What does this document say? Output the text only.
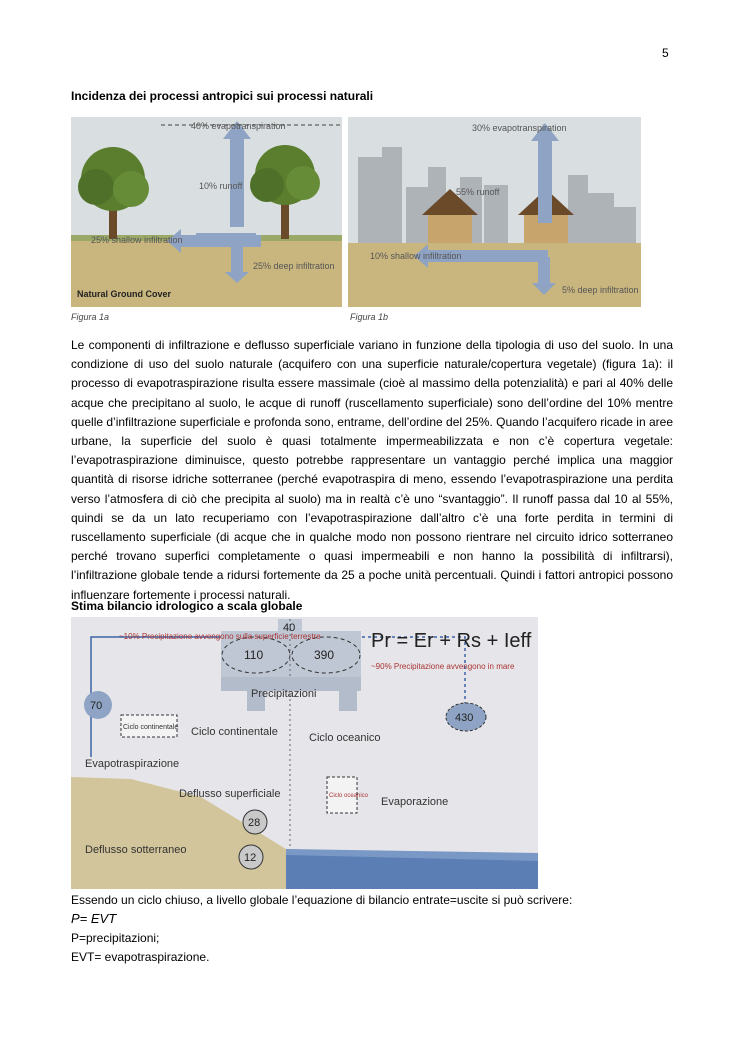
5
Incidenza dei processi antropici sui processi naturali
40% evapotranspiration
10% runoff
25% shallow infiltration
25% deep infiltration
Natural Ground Cover
30% evapotranspiration
55% runoff
10% shallow infiltration
5% deep infiltration
Figura 1a	Figura 1b

Le componenti di infiltrazione e deflusso superficiale variano in funzione della tipologia di uso del suolo. In una condizione di uso del suolo naturale (acquifero con una superficie naturale/copertura vegetale) (figura 1a): il processo di evapotraspirazione risulta essere massimale (cioè al massimo della potenzialità) e pari al 40% delle acque che precipitano al suolo, le acque di runoff (ruscellamento superficiale) sono dell’ordine del 10% mentre quelle d’infiltrazione superficiale e profonda sono, entrame, dell’ordine del 25%. Quando l’acquifero ricade in aree urbane, la superficie del suolo è quasi totalmente impermeabilizzata e non c’è copertura vegetale: l’evapotraspirazione diminuisce, questo potrebbe rappresentare un vantaggio perché implica una maggior quantità di risorse idriche sotterranee (perché evapotraspira di meno, essendo l’evapotraspirazione una perdita verso l’atmosfera di ciò che precipita al suolo) ma in realtà c’è uno “svantaggio”. Il runoff passa dal 10 al 55%, quindi se da un lato recuperiamo con l’evapotraspirazione dall’altro c’è una forte perdita in termini di ruscellamento superficiale (di acque che in qualche modo non possono rientrare nel circuito idrico sotterraneo perché trovano superfici completamente o quasi impermeabili e non hanno la possibilità di infiltrarsi), l’infiltrazione globale tende a ridursi fortemente da 25 a poche unità percentuali. Quindi i fattori antropici possono influenzare fortemente i processi naturali.

Stima bilancio idrologico a scala globale
Pr = Er + Rs + Ieff
40
110	390
70
430
28
12
~10% Precipitazione avvengono sulla superficie terrestre
~90% Precipitazione avvengono in mare
Precipitazioni
Ciclo continentale Ciclo continentale	Ciclo oceanico
Ciclo oceanico
Evapotraspirazione
Deflusso superficiale
Deflusso sotterraneo
Evaporazione
Essendo un ciclo chiuso, a livello globale l’equazione di bilancio entrate=uscite si può scrivere:
P= EVT
P=precipitazioni;
EVT= evapotraspirazione.
